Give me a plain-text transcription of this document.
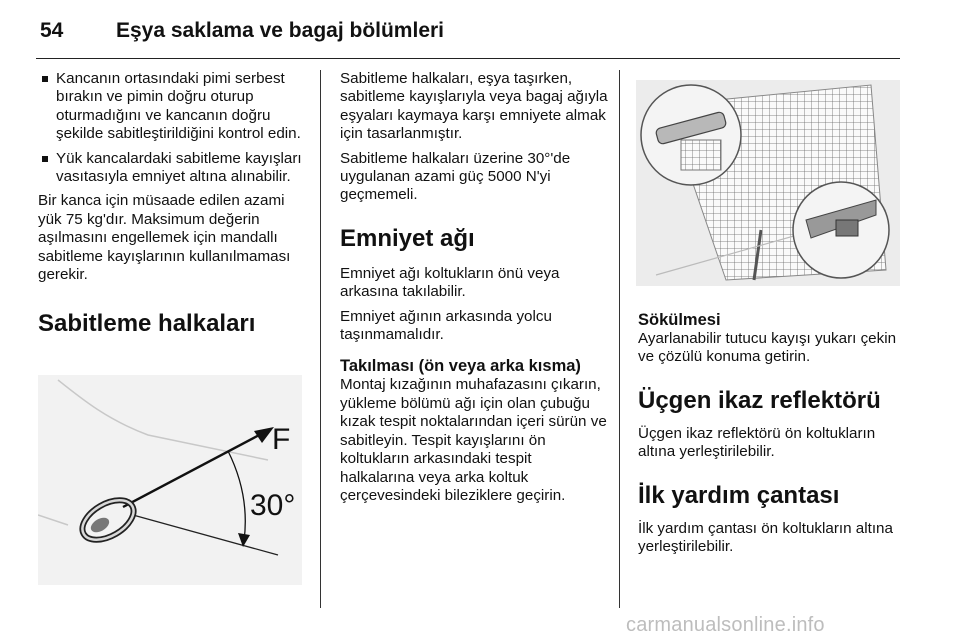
54	Eşya saklama ve bagaj bölümleri
Kancanın ortasındaki pimi serbest bırakın ve pimin doğru oturup oturmadığını ve kancanın doğru şekilde sabitleştirildiğini kontrol edin.
Yük kancalardaki sabitleme kayışları vasıtasıyla emniyet altına alınabilir.

Bir kanca için müsaade edilen azami yük 75 kg'dır. Maksimum değerin aşılmasını engellemek için mandallı sabitleme kayışlarının kullanılmaması gerekir.

Sabitleme halkaları
F
30°

Sabitleme halkaları, eşya taşırken, sabitleme kayışlarıyla veya bagaj ağıyla eşyaları kaymaya karşı emniyete almak için tasarlanmıştır.

Sabitleme halkaları üzerine 30°'de uygulanan azami güç 5000 N'yi geçmemeli.

Emniyet ağı

Emniyet ağı koltukların önü veya arkasına takılabilir.

Emniyet ağının arkasında yolcu taşınmamalıdır.

Takılması (ön veya arka kısma)

Montaj kızağının muhafazasını çıkarın, yükleme bölümü ağı için olan çubuğu kızak tespit noktalarından içeri sürün ve sabitleyin. Tespit kayışlarını ön koltukların arkasındaki tespit halkalarına veya arka koltuk çerçevesindeki bileziklere geçirin.

Sökülmesi

Ayarlanabilir tutucu kayışı yukarı çekin ve çözülü konuma getirin.

Üçgen ikaz reflektörü

Üçgen ikaz reflektörü ön koltukların altına yerleştirilebilir.

İlk yardım çantası

İlk yardım çantası ön koltukların altına yerleştirilebilir.

carmanualsonline.info
